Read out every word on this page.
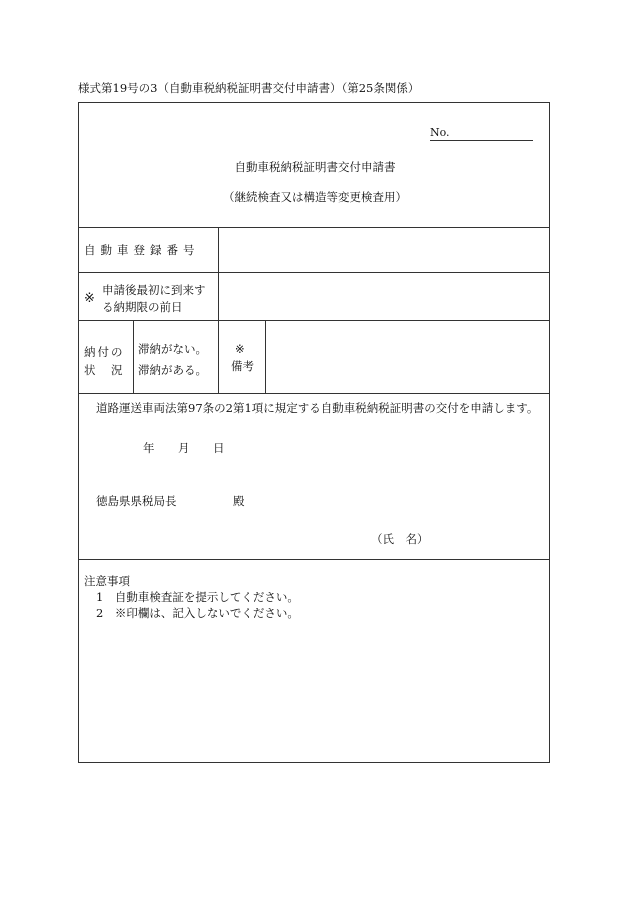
様式第19号の3（自動車税納税証明書交付申請書）（第25条関係）
No.
自動車税納税証明書交付申請書
（継続検査又は構造等変更検査用）
自動車登録番号
※
申請後最初に到来す
る納期限の前日
納付の
状　況
滞納がない。
滞納がある。
※
備考
道路運送車両法第97条の2第1項に規定する自動車税納税証明書の交付を申請します。
年 月 日
徳島県県税局長	殿
（氏　名）
注意事項
1　自動車検査証を提示してください。
2　※印欄は、記入しないでください。
